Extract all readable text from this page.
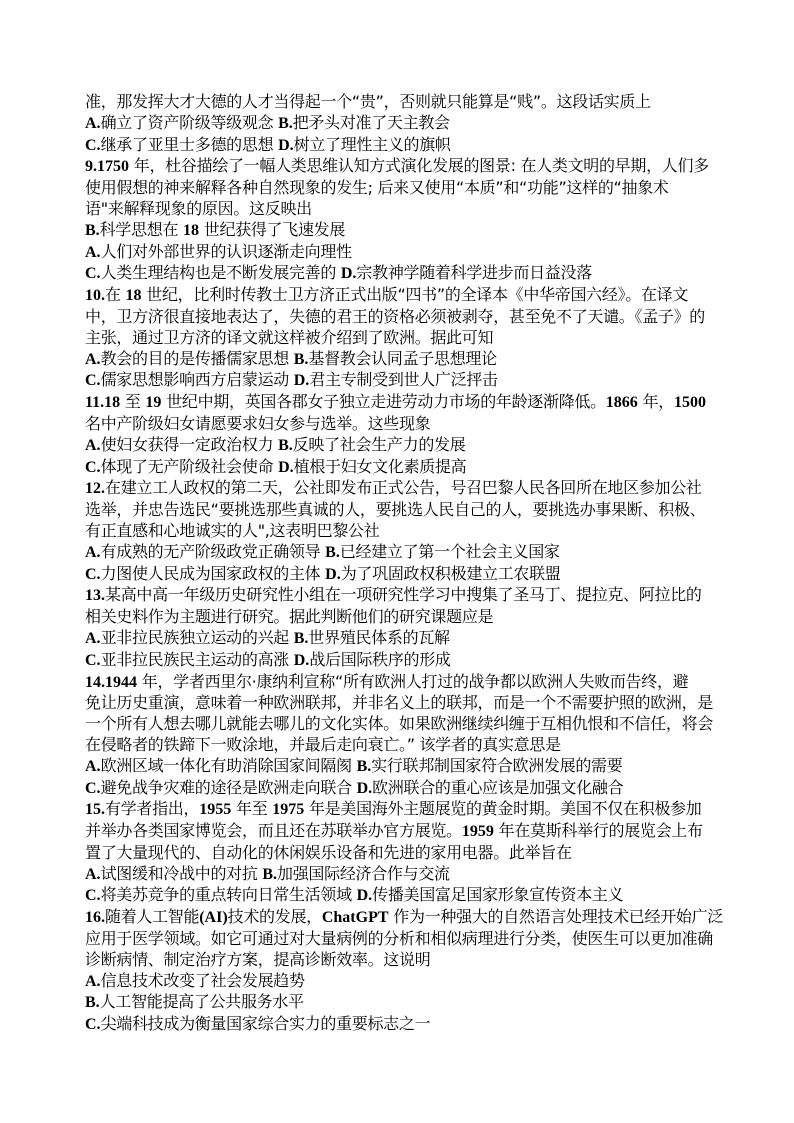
准，那发挥大才大德的人才当得起一个“贵”，否则就只能算是“贱”。这段话实质上
A.确立了资产阶级等级观念 B.把矛头对准了天主教会
C.继承了亚里士多德的思想 D.树立了理性主义的旗帜
9.1750 年，杜谷描绘了一幅人类思维认知方式演化发展的图景: 在人类文明的早期，人们多
使用假想的神来解释各种自然现象的发生; 后来又使用“本质”和“功能”这样的“抽象术
语"来解释现象的原因。这反映出
B.科学思想在 18 世纪获得了飞速发展
A.人们对外部世界的认识逐渐走向理性
C.人类生理结构也是不断发展完善的 D.宗教神学随着科学进步而日益没落
10.在 18 世纪，比利时传教士卫方济正式出版“四书”的全译本《中华帝国六经》。在译文
中，卫方济很直接地表达了，失德的君王的资格必须被剥夺，甚至免不了天谴。《孟子》的
主张，通过卫方济的译文就这样被介绍到了欧洲。据此可知
A.教会的目的是传播儒家思想 B.基督教会认同孟子思想理论
C.儒家思想影响西方启蒙运动 D.君主专制受到世人广泛抨击
11.18 至 19 世纪中期，英国各郡女子独立走进劳动力市场的年龄逐渐降低。1866 年，1500
名中产阶级妇女请愿要求妇女参与选举。这些现象
A.使妇女获得一定政治权力 B.反映了社会生产力的发展
C.体现了无产阶级社会使命 D.植根于妇女文化素质提高
12.在建立工人政权的第二天，公社即发布正式公告，号召巴黎人民各回所在地区参加公社
选举，并忠告选民“要挑选那些真诚的人，要挑选人民自己的人，要挑选办事果断、积极、
有正直感和心地诚实的人",这表明巴黎公社
A.有成熟的无产阶级政党正确领导 B.已经建立了第一个社会主义国家
C.力图使人民成为国家政权的主体 D.为了巩固政权积极建立工农联盟
13.某高中高一年级历史研究性小组在一项研究性学习中搜集了圣马丁、提拉克、阿拉比的
相关史料作为主题进行研究。据此判断他们的研究课题应是
A.亚非拉民族独立运动的兴起 B.世界殖民体系的瓦解
C.亚非拉民族民主运动的高涨 D.战后国际秩序的形成
14.1944 年，学者西里尔·康纳利宣称“所有欧洲人打过的战争都以欧洲人失败而告终，避
免让历史重演，意味着一种欧洲联邦，并非名义上的联邦，而是一个不需要护照的欧洲，是
一个所有人想去哪儿就能去哪儿的文化实体。如果欧洲继续纠缠于互相仇恨和不信任，将会
在侵略者的铁蹄下一败涂地，并最后走向衰亡。” 该学者的真实意思是
A.欧洲区域一体化有助消除国家间隔阂 B.实行联邦制国家符合欧洲发展的需要
C.避免战争灾难的途径是欧洲走向联合 D.欧洲联合的重心应该是加强文化融合
15.有学者指出，1955 年至 1975 年是美国海外主题展览的黄金时期。美国不仅在积极参加
并举办各类国家博览会，而且还在苏联举办官方展览。1959 年在莫斯科举行的展览会上布
置了大量现代的、自动化的休闲娱乐设备和先进的家用电器。此举旨在
A.试图缓和冷战中的对抗 B.加强国际经济合作与交流
C.将美苏竞争的重点转向日常生活领域 D.传播美国富足国家形象宣传资本主义
16.随着人工智能(AI)技术的发展，ChatGPT 作为一种强大的自然语言处理技术已经开始广泛
应用于医学领域。如它可通过对大量病例的分析和相似病理进行分类，使医生可以更加准确
诊断病情、制定治疗方案，提高诊断效率。这说明
A.信息技术改变了社会发展趋势
B.人工智能提高了公共服务水平
C.尖端科技成为衡量国家综合实力的重要标志之一
